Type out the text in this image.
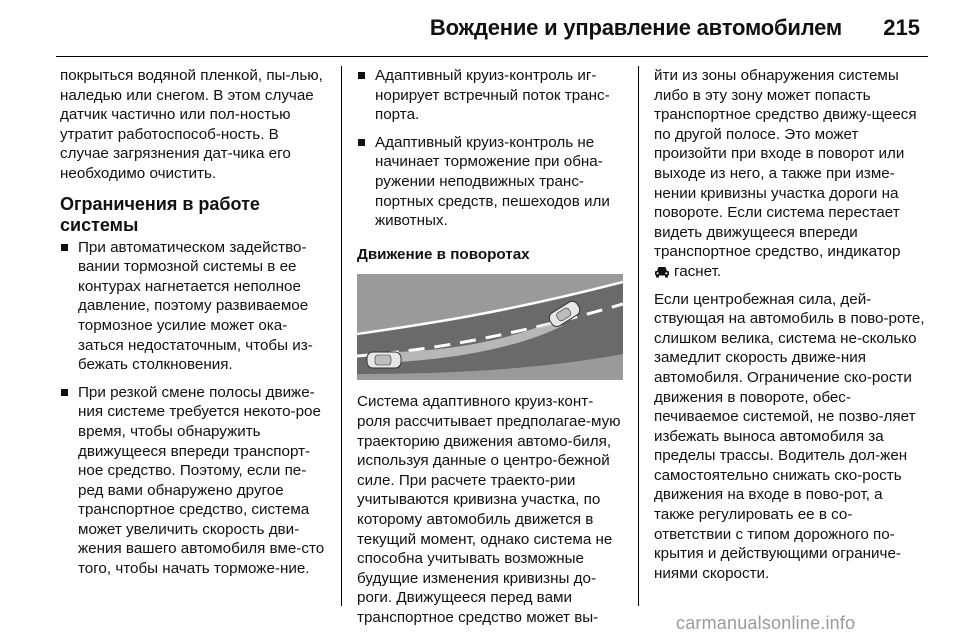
Вождение и управление автомобилем 215

покрыться водяной пленкой, пы-лью, наледью или снегом. В этом случае датчик частично или пол-ностью утратит работоспособ-ность. В случае загрязнения дат-чика его необходимо очистить.

Ограничения в работе системы
При автоматическом задейство-вании тормозной системы в ее контурах нагнетается неполное давление, поэтому развиваемое тормозное усилие может ока-заться недостаточным, чтобы из-бежать столкновения.
При резкой смене полосы движе-ния системе требуется некото-рое время, чтобы обнаружить движущееся впереди транспорт-ное средство. Поэтому, если пе-ред вами обнаружено другое транспортное средство, система может увеличить скорость дви-жения вашего автомобиля вме-сто того, чтобы начать торможе-ние.
Адаптивный круиз-контроль иг-норирует встречный поток транс-порта.
Адаптивный круиз-контроль не начинает торможение при обна-ружении неподвижных транс-портных средств, пешеходов или животных.
Движение в поворотах

Система адаптивного круиз-конт-роля рассчитывает предполагае-мую траекторию движения автомо-биля, используя данные о центро-бежной силе. При расчете траекто-рии учитываются кривизна участка, по которому автомобиль движется в текущий момент, однако система не способна учитывать возможные будущие изменения кривизны до-роги. Движущееся перед вами транспортное средство может вы-

йти из зоны обнаружения системы либо в эту зону может попасть транспортное средство движу-щееся по другой полосе. Это может произойти при входе в поворот или выходе из него, а также при изме-нении кривизны участка дороги на повороте. Если система перестает видеть движущееся впереди транспортное средство, индикатор
гаснет.

Если центробежная сила, дей-ствующая на автомобиль в пово-роте, слишком велика, система не-сколько замедлит скорость движе-ния автомобиля. Ограничение ско-рости движения в повороте, обес-печиваемое системой, не позво-ляет избежать выноса автомобиля за пределы трассы. Водитель дол-жен самостоятельно снижать ско-рость движения на входе в пово-рот, а также регулировать ее в со-ответствии с типом дорожного по-крытия и действующими ограниче-ниями скорости.

carmanualsonline.info
